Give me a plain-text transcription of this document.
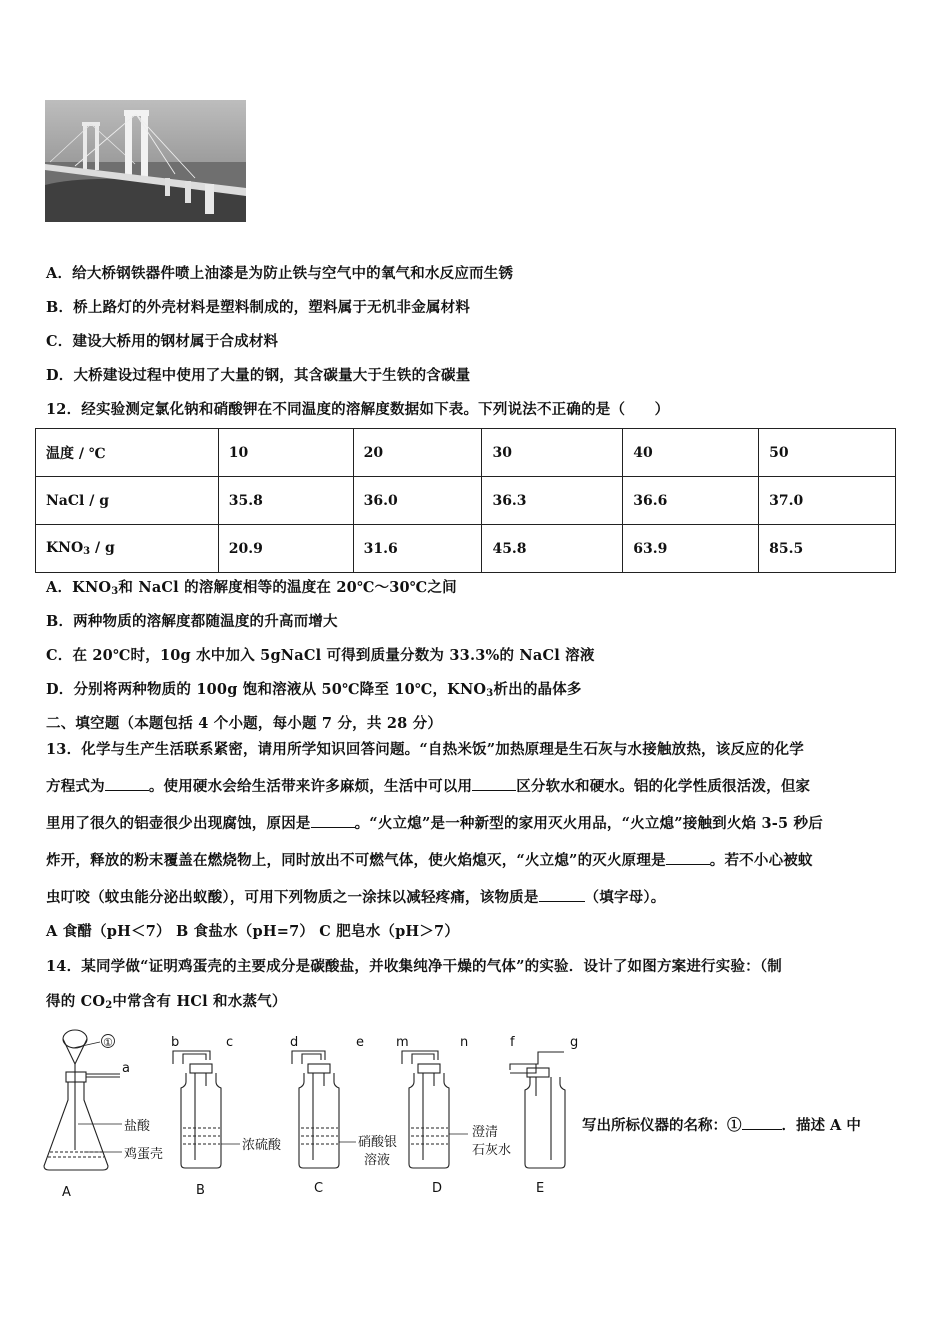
A．给大桥钢铁器件喷上油漆是为防止铁与空气中的氧气和水反应而生锈
B．桥上路灯的外壳材料是塑料制成的，塑料属于无机非金属材料
C．建设大桥用的钢材属于合成材料
D．大桥建设过程中使用了大量的钢，其含碳量大于生铁的含碳量
12．经实验测定氯化钠和硝酸钾在不同温度的溶解度数据如下表。下列说法不正确的是（　　）
温度 / ℃	10	20	30	40	50
NaCl / g	35.8	36.0	36.3	36.6	37.0
$KNO_3$ / g	20.9	31.6	45.8	63.9	85.5
A．$KNO_3$和 NaCl 的溶解度相等的温度在 20℃～30℃之间
B．两种物质的溶解度都随温度的升高而增大
C．在 20℃时，10g 水中加入 5gNaCl 可得到质量分数为 33.3%的 NaCl 溶液
D．分别将两种物质的 100g 饱和溶液从 50℃降至 10℃，$KNO_3$析出的晶体多
二、填空题（本题包括 4 个小题，每小题 7 分，共 28 分）
13．化学与生产生活联系紧密，请用所学知识回答问题。“自热米饭”加热原理是生石灰与水接触放热，该反应的化学
方程式为	。使用硬水会给生活带来许多麻烦，生活中可以用	区分软水和硬水。铝的化学性质很活泼，但家
里用了很久的铝壶很少出现腐蚀，原因是	。“火立熄”是一种新型的家用灭火用品，“火立熄”接触到火焰 3-5 秒后
炸开，释放的粉末覆盖在燃烧物上，同时放出不可燃气体，使火焰熄灭，“火立熄”的灭火原理是	。若不小心被蚊
虫叮咬（蚊虫能分泌出蚁酸），可用下列物质之一涂抹以减轻疼痛，该物质是	（填字母）。
A 食醋（pH＜7） B 食盐水（pH=7） C 肥皂水（pH＞7）
14．某同学做“证明鸡蛋壳的主要成分是碳酸盐，并收集纯净干燥的气体”的实验．设计了如图方案进行实验：（制
得的 $CO_2$中常含有 HCl 和水蒸气）
①
a
盐酸
鸡蛋壳
b	c	d	e m	n	f	g
浓硫酸	硝酸银
溶液
澄清
石灰水
A	B	C	D	E
写出所标仪器的名称：①	．描述 A 中
